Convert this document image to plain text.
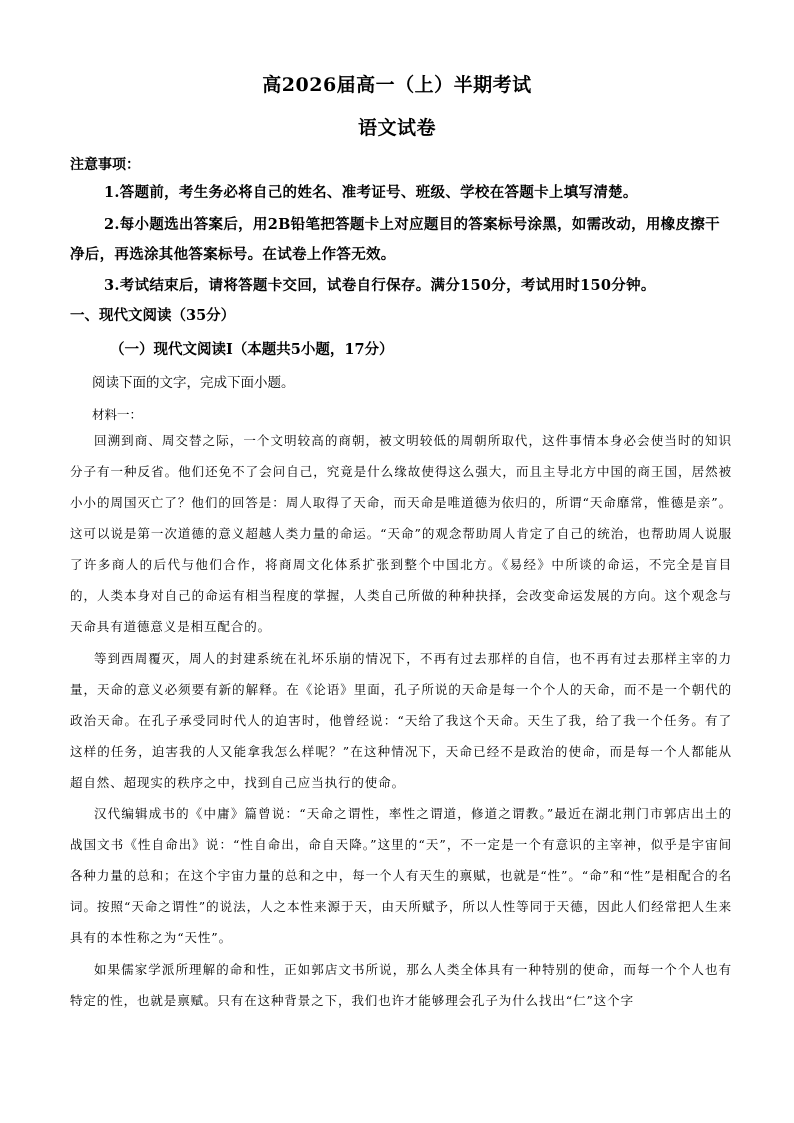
高2026届高一（上）半期考试
语文试卷
注意事项：
1.答题前，考生务必将自己的姓名、准考证号、班级、学校在答题卡上填写清楚。
2.每小题选出答案后，用2B铅笔把答题卡上对应题目的答案标号涂黑，如需改动，用橡皮擦干净后，再选涂其他答案标号。在试卷上作答无效。
3.考试结束后，请将答题卡交回，试卷自行保存。满分150分，考试用时150分钟。
一、现代文阅读（35分）
（一）现代文阅读Ⅰ（本题共5小题，17分）
阅读下面的文字，完成下面小题。
材料一：
回溯到商、周交替之际，一个文明较高的商朝，被文明较低的周朝所取代，这件事情本身必会使当时的知识分子有一种反省。他们还免不了会问自己，究竟是什么缘故使得这么强大，而且主导北方中国的商王国，居然被小小的周国灭亡了？他们的回答是：周人取得了天命，而天命是唯道德为依归的，所谓“天命靡常，惟德是亲”。这可以说是第一次道德的意义超越人类力量的命运。“天命”的观念帮助周人肯定了自己的统治，也帮助周人说服了许多商人的后代与他们合作，将商周文化体系扩张到整个中国北方。《易经》中所谈的命运，不完全是盲目的，人类本身对自己的命运有相当程度的掌握，人类自己所做的种种抉择，会改变命运发展的方向。这个观念与天命具有道德意义是相互配合的。
等到西周覆灭，周人的封建系统在礼坏乐崩的情况下，不再有过去那样的自信，也不再有过去那样主宰的力量，天命的意义必须要有新的解释。在《论语》里面，孔子所说的天命是每一个个人的天命，而不是一个朝代的政治天命。在孔子承受同时代人的迫害时，他曾经说：“天给了我这个天命。天生了我，给了我一个任务。有了这样的任务，迫害我的人又能拿我怎么样呢？”在这种情况下，天命已经不是政治的使命，而是每一个人都能从超自然、超现实的秩序之中，找到自己应当执行的使命。
汉代编辑成书的《中庸》篇曾说：“天命之谓性，率性之谓道，修道之谓教。”最近在湖北荆门市郭店出土的战国文书《性自命出》说：“性自命出，命自天降。”这里的“天”，不一定是一个有意识的主宰神，似乎是宇宙间各种力量的总和；在这个宇宙力量的总和之中，每一个人有天生的禀赋，也就是“性”。“命”和“性”是相配合的名词。按照“天命之谓性”的说法，人之本性来源于天，由天所赋予，所以人性等同于天德，因此人们经常把人生来具有的本性称之为“天性”。
如果儒家学派所理解的命和性，正如郭店文书所说，那么人类全体具有一种特别的使命，而每一个个人也有特定的性，也就是禀赋。只有在这种背景之下，我们也许才能够理会孔子为什么找出“仁”这个字
